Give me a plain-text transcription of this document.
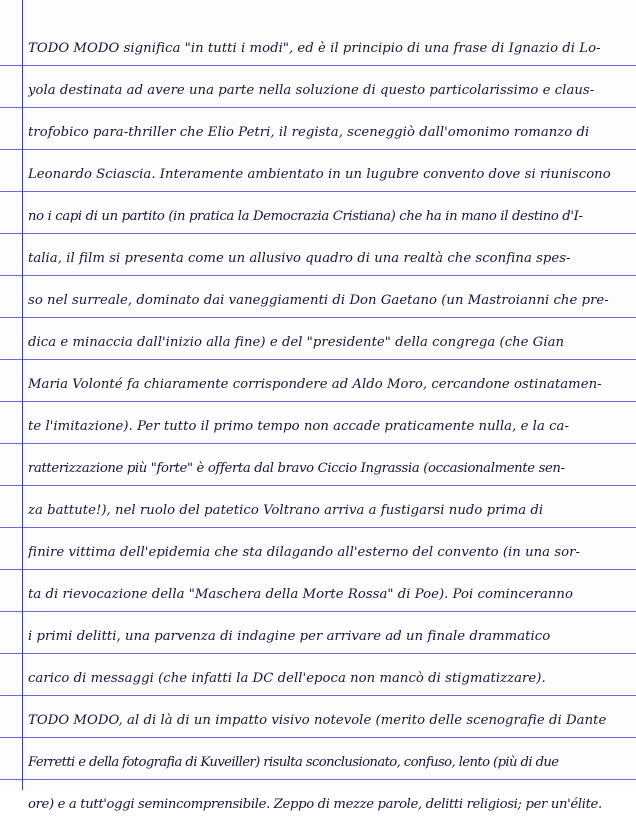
TODO MODO significa "in tutti i modi", ed è il principio di una frase di Ignazio di Lo-
yola destinata ad avere una parte nella soluzione di questo particolarissimo e claus-
trofobico para-thriller che Elio Petri, il regista, sceneggiò dall'omonimo romanzo di
Leonardo Sciascia. Interamente ambientato in un lugubre convento dove si riuniscono
no i capi di un partito (in pratica la Democrazia Cristiana) che ha in mano il destino d'I-
talia, il film si presenta come un allusivo quadro di una realtà che sconfina spes-
so nel surreale, dominato dai vaneggiamenti di Don Gaetano (un Mastroianni che pre-
dica e minaccia dall'inizio alla fine) e del "presidente" della congrega (che Gian
Maria Volonté fa chiaramente corrispondere ad Aldo Moro, cercandone ostinatamen-
te l'imitazione). Per tutto il primo tempo non accade praticamente nulla, e la ca-
ratterizzazione più "forte" è offerta dal bravo Ciccio Ingrassia (occasionalmente sen-
za battute!), nel ruolo del patetico Voltrano arriva a fustigarsi nudo prima di
finire vittima dell'epidemia che sta dilagando all'esterno del convento (in una sor-
ta di rievocazione della "Maschera della Morte Rossa" di Poe). Poi cominceranno
i primi delitti, una parvenza di indagine per arrivare ad un finale drammatico
carico di messaggi (che infatti la DC dell'epoca non mancò di stigmatizzare).
TODO MODO, al di là di un impatto visivo notevole (merito delle scenografie di Dante
Ferretti e della fotografia di Kuveiller) risulta sconclusionato, confuso, lento (più di due
ore) e a tutt'oggi semincomprensibile. Zeppo di mezze parole, delitti religiosi; per un'élite.
